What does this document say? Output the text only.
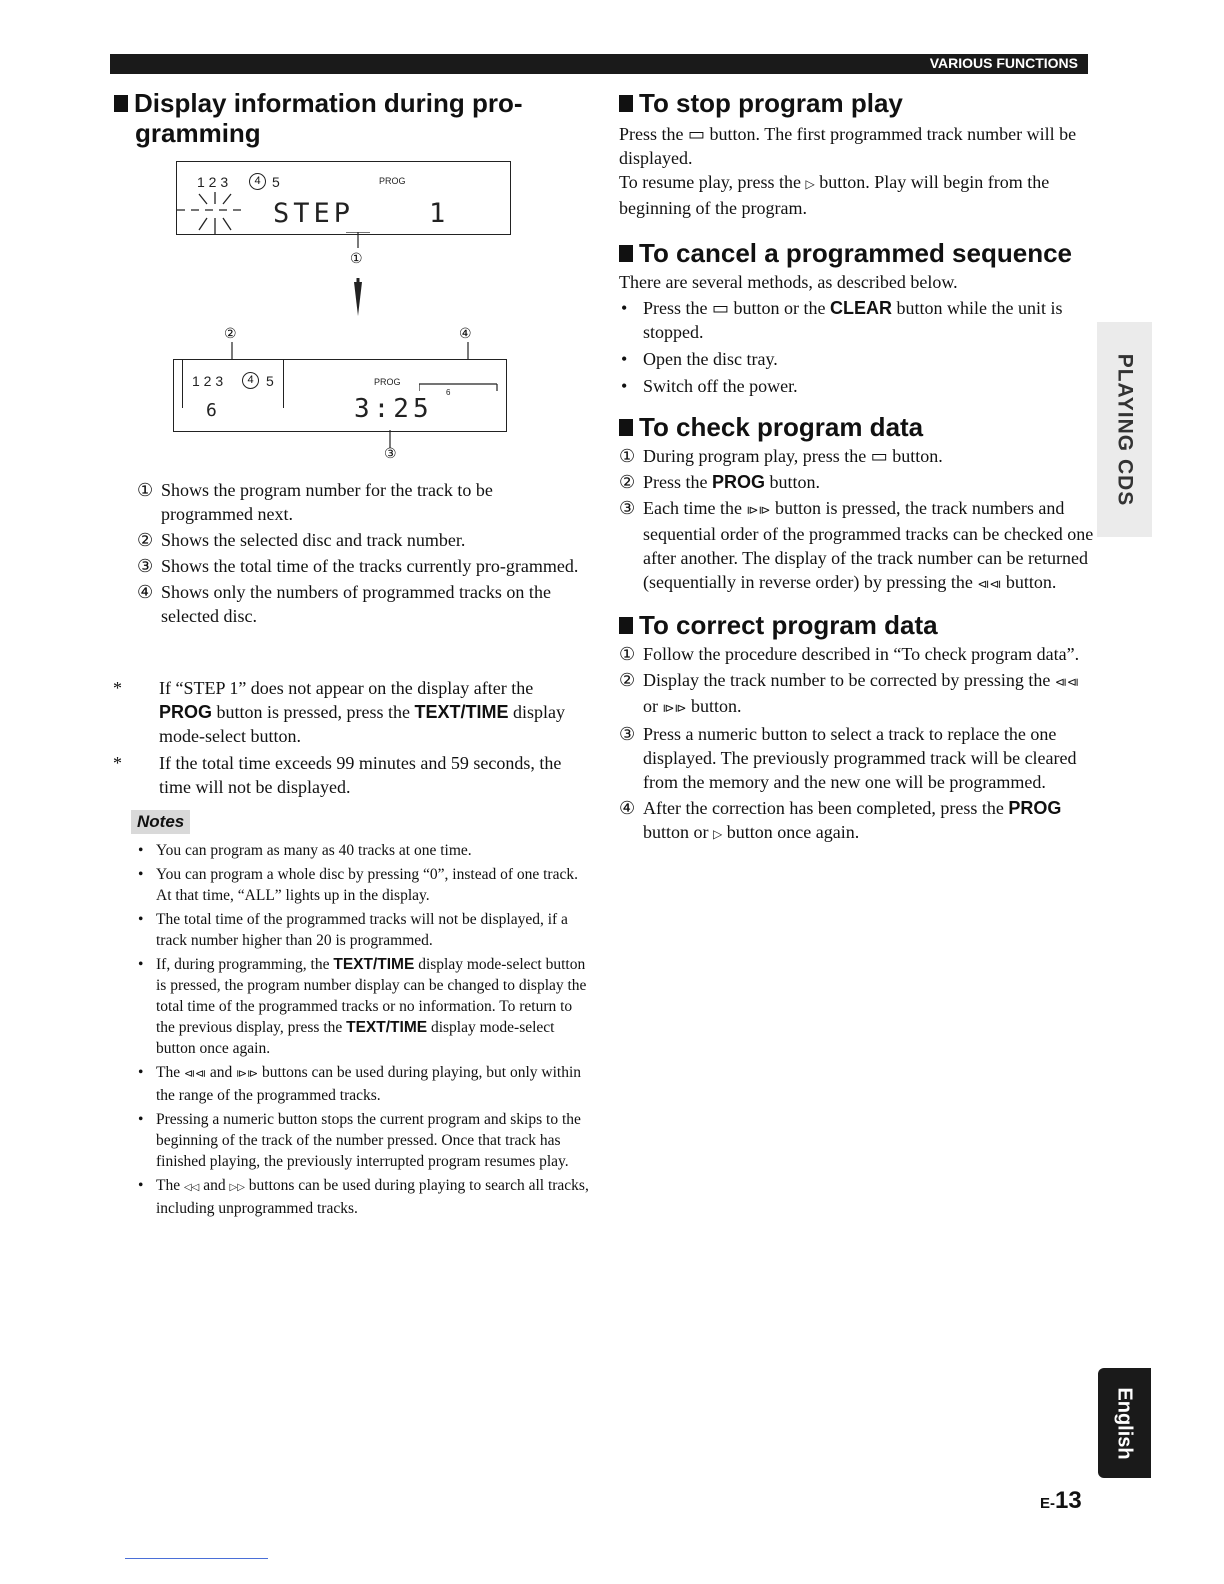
VARIOUS FUNCTIONS
Display information during pro-
gramming
1 2 3	4 5	PROG
STEP	1
①
②	④
1 2 3	4 5
6
PROG
6
3:25
③
① Shows the program number for the track to be programmed next.
② Shows the selected disc and track number.
③ Shows the total time of the tracks currently pro-grammed.
④ Shows only the numbers of programmed tracks on the selected disc.
* If “STEP 1” does not appear on the display after the PROG button is pressed, press the TEXT/TIME display mode-select button.
* If the total time exceeds 99 minutes and 59 seconds, the time will not be displayed.
Notes
• You can program as many as 40 tracks at one time.
• You can program a whole disc by pressing “0”, instead of one track. At that time, “ALL” lights up in the display.
• The total time of the programmed tracks will not be displayed, if a track number higher than 20 is programmed.
• If, during programming, the TEXT/TIME display mode-select button is pressed, the program number display can be changed to display the total time of the programmed tracks or no information. To return to the previous display, press the TEXT/TIME display mode-select button once again.
• The ⧏⧏ and ⧐⧐ buttons can be used during playing, but only within the range of the programmed tracks.
• Pressing a numeric button stops the current program and skips to the beginning of the track of the number pressed. Once that track has finished playing, the previously interrupted program resumes play.
• The ◁◁ and ▷▷ buttons can be used during playing to search all tracks, including unprogrammed tracks.
To stop program play

Press the ▭ button. The first programmed track number will be displayed.

To resume play, press the ▷ button. Play will begin from the beginning of the program.

To cancel a programmed sequence

There are several methods, as described below.

• Press the ▭ button or the CLEAR button while the unit is stopped.
• Open the disc tray.
• Switch off the power.
To check program data
① During program play, press the ▭ button.
② Press the PROG button.
③ Each time the ⧐⧐ button is pressed, the track numbers and sequential order of the programmed tracks can be checked one after another. The display of the track number can be returned (sequentially in reverse order) by pressing the ⧏⧏ button.
To correct program data
① Follow the procedure described in “To check program data”.
② Display the track number to be corrected by pressing the ⧏⧏ or ⧐⧐ button.
③ Press a numeric button to select a track to replace the one displayed. The previously programmed track will be cleared from the memory and the new one will be programmed.
④ After the correction has been completed, press the PROG button or ▷ button once again.
PLAYING CDS
English
E-13
